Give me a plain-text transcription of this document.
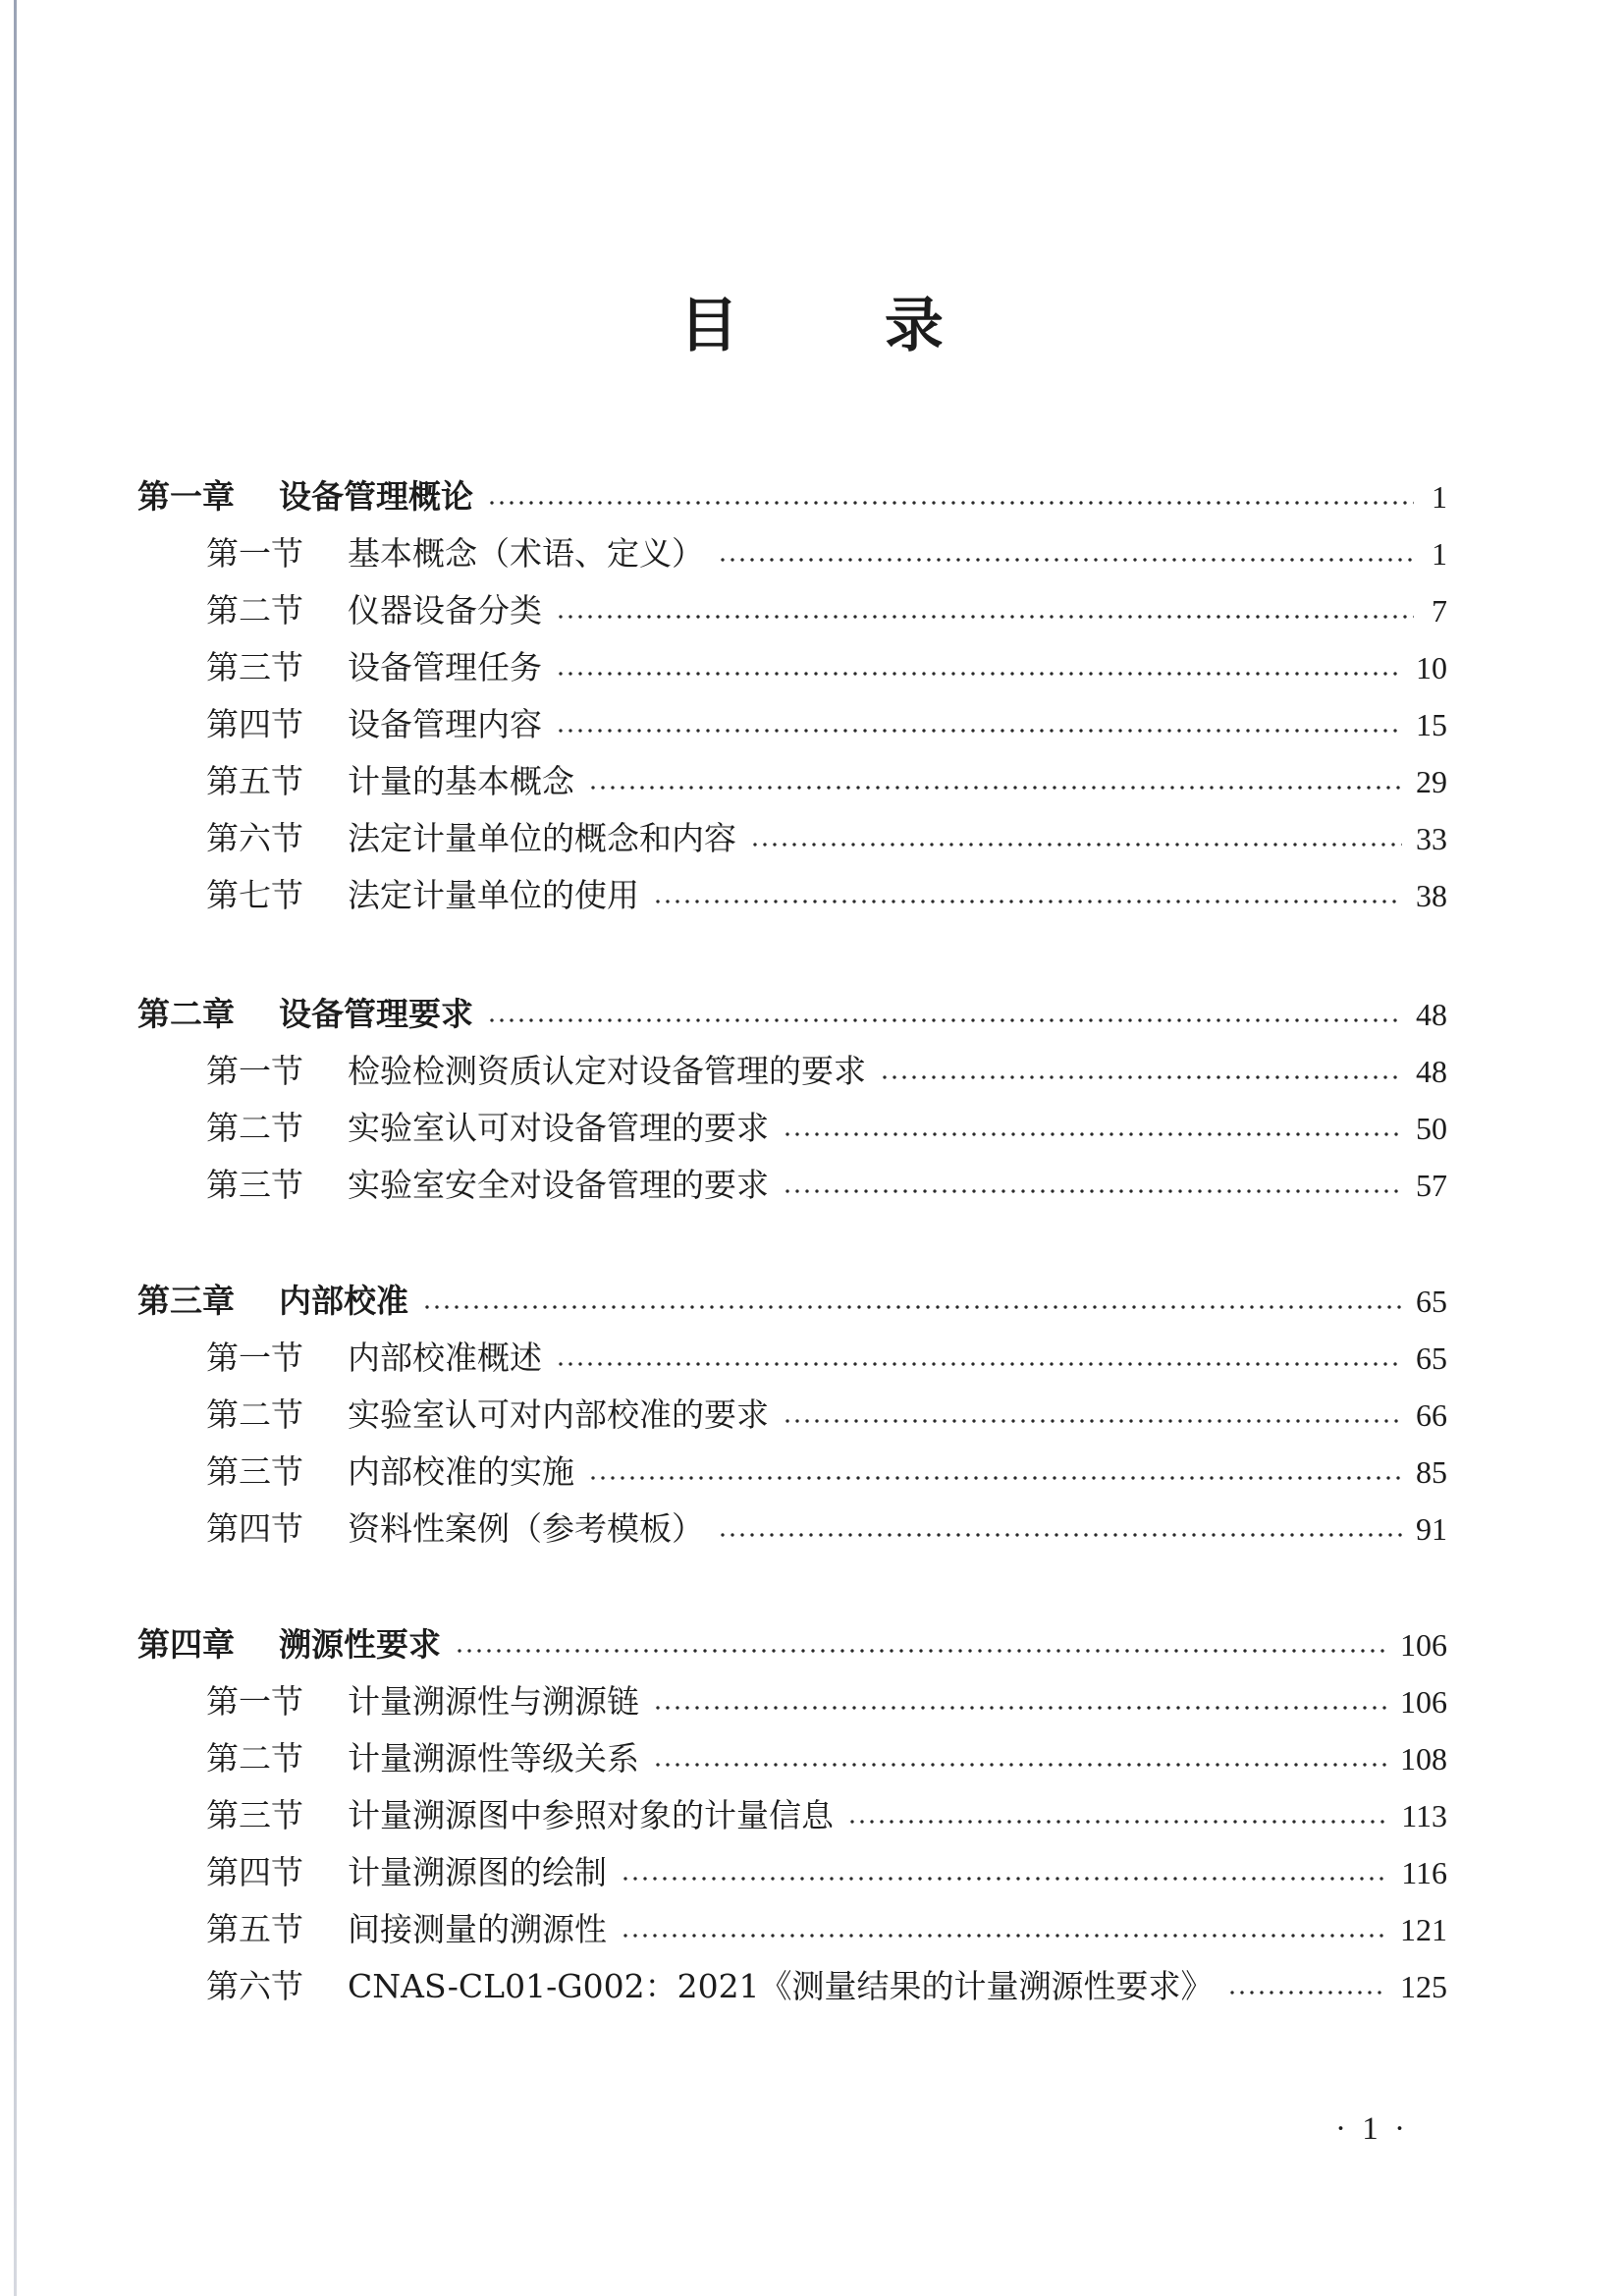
目 录
第一章	设备管理概论	1
第一节	基本概念（术语、定义）	1
第二节	仪器设备分类	7
第三节	设备管理任务	10
第四节	设备管理内容	15
第五节	计量的基本概念	29
第六节	法定计量单位的概念和内容	33
第七节	法定计量单位的使用	38
第二章	设备管理要求	48
第一节	检验检测资质认定对设备管理的要求	48
第二节	实验室认可对设备管理的要求	50
第三节	实验室安全对设备管理的要求	57
第三章	内部校准	65
第一节	内部校准概述	65
第二节	实验室认可对内部校准的要求	66
第三节	内部校准的实施	85
第四节	资料性案例（参考模板）	91
第四章	溯源性要求	106
第一节	计量溯源性与溯源链	106
第二节	计量溯源性等级关系	108
第三节	计量溯源图中参照对象的计量信息	113
第四节	计量溯源图的绘制	116
第五节	间接测量的溯源性	121
第六节	CNAS-CL01-G002：2021《测量结果的计量溯源性要求》	125
· 1 ·
